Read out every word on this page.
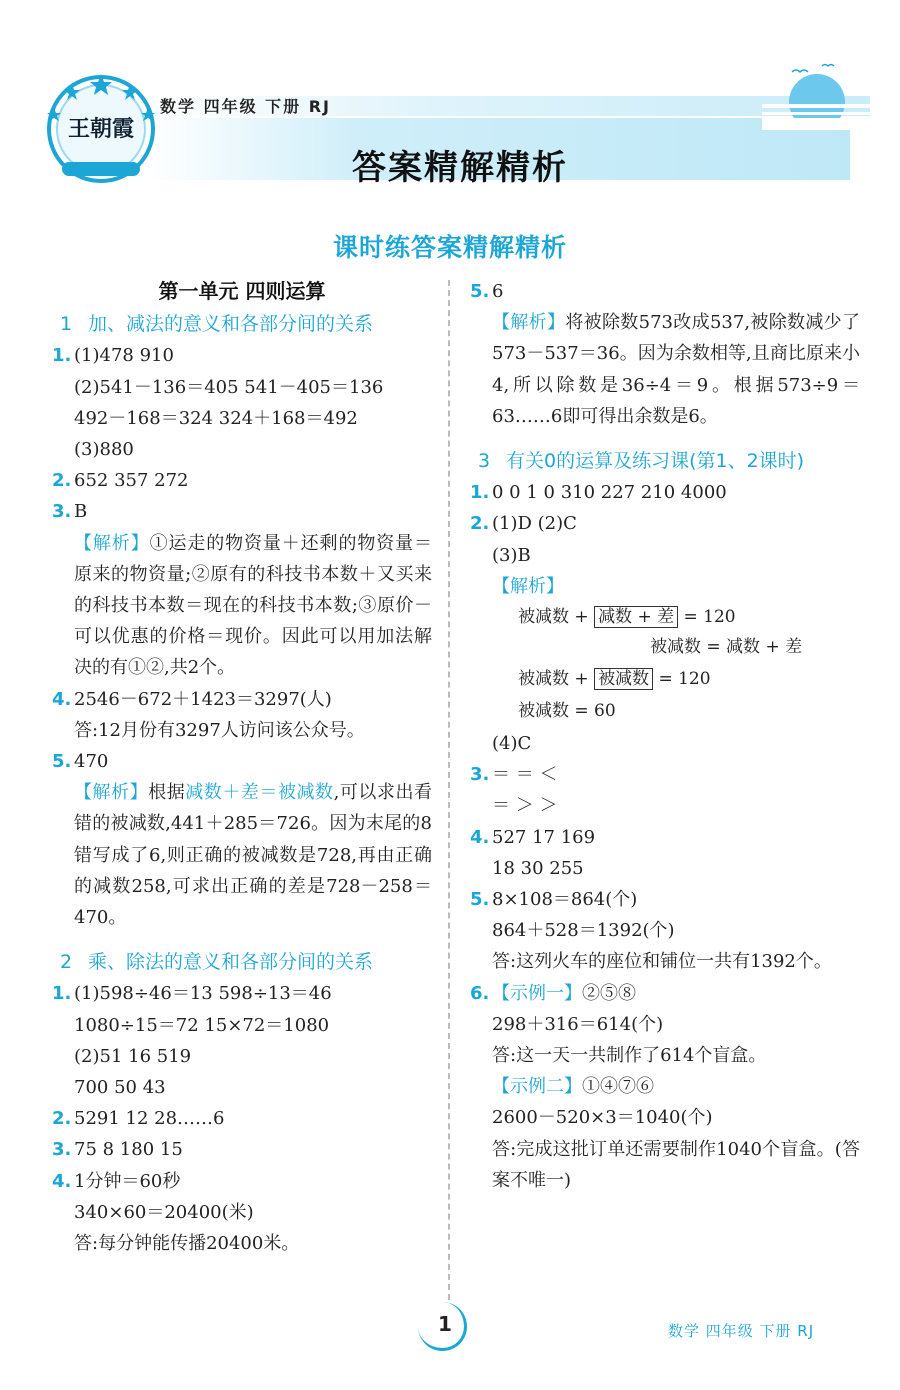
王朝霞
数学 四年级 下册 RJ
答案精解精析
课时练答案精解精析
第一单元 四则运算
1 加、减法的意义和各部分间的关系
1. (1)478 910
(2)541－136＝405 541－405＝136
492－168＝324 324＋168＝492
(3)880
2. 652 357 272
3. B
【解析】①运走的物资量＋还剩的物资量＝原来的物资量;②原有的科技书本数＋又买来的科技书本数＝现在的科技书本数;③原价－可以优惠的价格＝现价。因此可以用加法解决的有①②,共2个。
4. 2546－672＋1423＝3297(人)
答:12月份有3297人访问该公众号。
5. 470
【解析】根据减数＋差＝被减数,可以求出看错的被减数,441＋285＝726。因为末尾的8错写成了6,则正确的被减数是728,再由正确的减数258,可求出正确的差是728－258＝470。
2 乘、除法的意义和各部分间的关系
1. (1)598÷46＝13 598÷13＝46
1080÷15＝72 15×72＝1080
(2)51 16 519
700 50 43
2. 5291 12 28……6
3. 75 8 180 15
4. 1分钟＝60秒
340×60＝20400(米)
答:每分钟能传播20400米。
5. 6
【解析】将被除数573改成537,被除数减少了573－537＝36。因为余数相等,且商比原来小4,所以除数是36÷4＝9。根据573÷9＝63……6即可得出余数是6。
3 有关0的运算及练习课(第1、2课时)
1. 0 0 1 0 310 227 210 4000
2. (1)D (2)C
(3)B
【解析】
被减数 + 减数 + 差 = 120
被减数 = 减数 + 差
被减数 + 被减数 = 120
被减数 = 60
(4)C
3. ＝ ＝ ＜
＝ ＞ ＞
4. 527 17 169
18 30 255
5. 8×108＝864(个)
864＋528＝1392(个)
答:这列火车的座位和铺位一共有1392个。
6. 【示例一】②⑤⑧
298＋316＝614(个)
答:这一天一共制作了614个盲盒。
【示例二】①④⑦⑥
2600－520×3＝1040(个)
答:完成这批订单还需要制作1040个盲盒。(答案不唯一)
1	数学 四年级 下册 RJ
